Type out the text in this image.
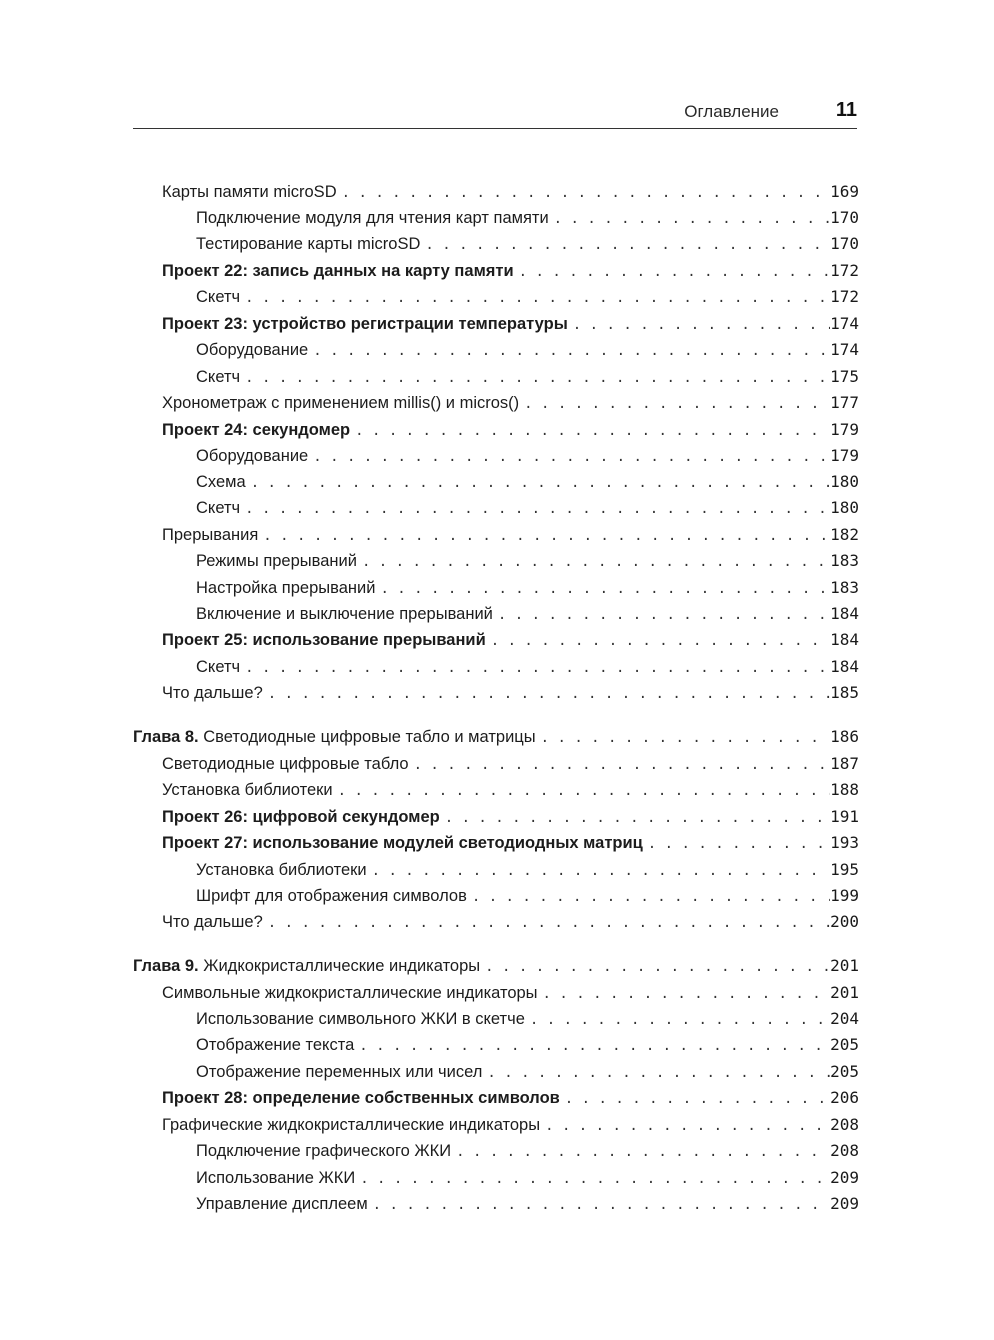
Оглавление	11
Карты памяти microSD . . .	169
Подключение модуля для чтения карт памяти . . .	170
Тестирование карты microSD . . .	170
Проект 22: запись данных на карту памяти . . .	172
Скетч . . .	172
Проект 23: устройство регистрации температуры . . .	174
Оборудование . . .	174
Скетч . . .	175
Хронометраж с применением millis() и micros() . . .	177
Проект 24: секундомер . . .	179
Оборудование . . .	179
Схема . . .	180
Скетч . . .	180
Прерывания . . .	182
Режимы прерываний . . .	183
Настройка прерываний . . .	183
Включение и выключение прерываний . . .	184
Проект 25: использование прерываний . . .	184
Скетч . . .	184
Что дальше? . . .	185
Глава 8. Светодиодные цифровые табло и матрицы . . .	186
Светодиодные цифровые табло . . .	187
Установка библиотеки . . .	188
Проект 26: цифровой секундомер . . .	191
Проект 27: использование модулей светодиодных матриц . . .	193
Установка библиотеки . . .	195
Шрифт для отображения символов . . .	199
Что дальше? . . .	200
Глава 9. Жидкокристаллические индикаторы . . .	201
Символьные жидкокристаллические индикаторы . . .	201
Использование символьного ЖКИ в скетче . . .	204
Отображение текста . . .	205
Отображение переменных или чисел . . .	205
Проект 28: определение собственных символов . . .	206
Графические жидкокристаллические индикаторы . . .	208
Подключение графического ЖКИ . . .	208
Использование ЖКИ . . .	209
Управление дисплеем . . .	209
